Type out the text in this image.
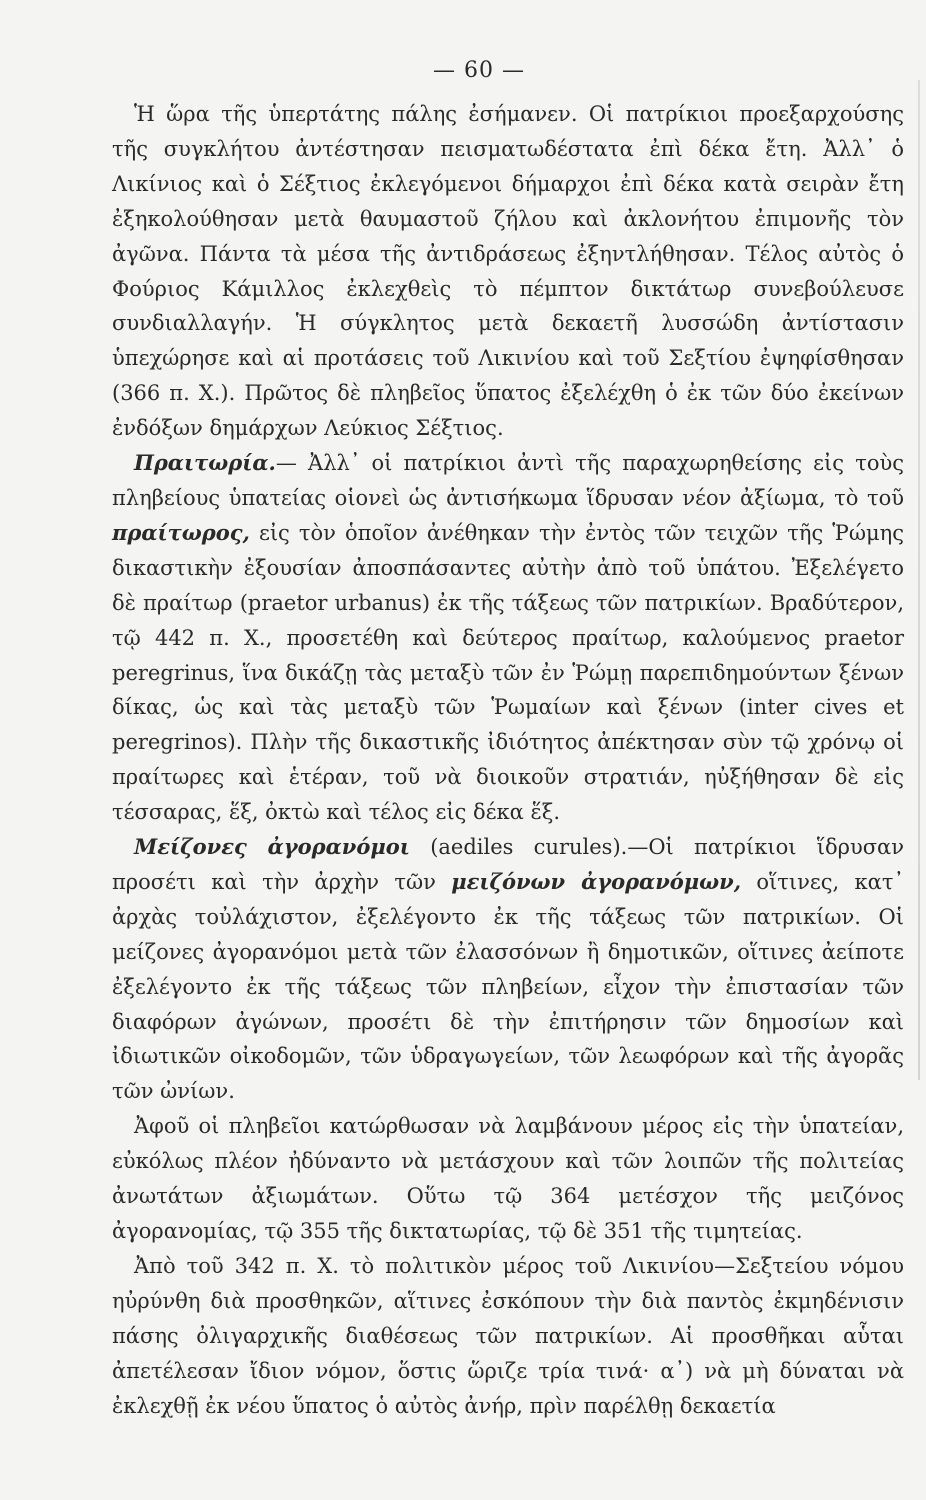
— 60 —

Ἡ ὥρα τῆς ὑπερτάτης πάλης ἐσήμανεν. Οἱ πατρίκιοι προεξαρχούσης τῆς συγκλήτου ἀντέστησαν πεισματωδέστατα ἐπὶ δέκα ἔτη. Ἀλλ᾽ ὁ Λικίνιος καὶ ὁ Σέξτιος ἐκλεγόμενοι δήμαρχοι ἐπὶ δέκα κατὰ σειρὰν ἔτη ἐξηκολούθησαν μετὰ θαυμαστοῦ ζήλου καὶ ἀκλονήτου ἐπιμονῆς τὸν ἀγῶνα. Πάντα τὰ μέσα τῆς ἀντιδράσεως ἐξηντλήθησαν. Τέλος αὐτὸς ὁ Φούριος Κάμιλλος ἐκλεχθεὶς τὸ πέμπτον δικτάτωρ συνεβούλευσε συνδιαλλαγήν. Ἡ σύγκλητος μετὰ δεκαετῆ λυσσώδη ἀντίστασιν ὑπεχώρησε καὶ αἱ προτάσεις τοῦ Λικινίου καὶ τοῦ Σεξτίου ἐψηφίσθησαν (366 π. Χ.). Πρῶτος δὲ πληβεῖος ὕπατος ἐξελέχθη ὁ ἐκ τῶν δύο ἐκείνων ἐνδόξων δημάρχων Λεύκιος Σέξτιος.

Πραιτωρία.— Ἀλλ᾽ οἱ πατρίκιοι ἀντὶ τῆς παραχωρηθείσης εἰς τοὺς πληβείους ὑπατείας οἱονεὶ ὡς ἀντισήκωμα ἵδρυσαν νέον ἀξίωμα, τὸ τοῦ πραίτωρος, εἰς τὸν ὁποῖον ἀνέθηκαν τὴν ἐντὸς τῶν τειχῶν τῆς Ῥώμης δικαστικὴν ἐξουσίαν ἀποσπάσαντες αὐτὴν ἀπὸ τοῦ ὑπάτου. Ἐξελέγετο δὲ πραίτωρ (praetor urbanus) ἐκ τῆς τάξεως τῶν πατρικίων. Βραδύτερον, τῷ 442 π. Χ., προσετέθη καὶ δεύτερος πραίτωρ, καλούμενος praetor peregrinus, ἵνα δικάζῃ τὰς μεταξὺ τῶν ἐν Ῥώμῃ παρεπιδημούντων ξένων δίκας, ὡς καὶ τὰς μεταξὺ τῶν Ῥωμαίων καὶ ξένων (inter cives et peregrinos). Πλὴν τῆς δικαστικῆς ἰδιότητος ἀπέκτησαν σὺν τῷ χρόνῳ οἱ πραίτωρες καὶ ἑτέραν, τοῦ νὰ διοικοῦν στρατιάν, ηὐξήθησαν δὲ εἰς τέσσαρας, ἕξ, ὀκτὼ καὶ τέλος εἰς δέκα ἕξ.

Μείζονες ἀγορανόμοι (aediles curules).—Οἱ πατρίκιοι ἵδρυσαν προσέτι καὶ τὴν ἀρχὴν τῶν μειζόνων ἀγορανόμων, οἵτινες, κατ᾽ ἀρχὰς τοὐλάχιστον, ἐξελέγοντο ἐκ τῆς τάξεως τῶν πατρικίων. Οἱ μείζονες ἀγορανόμοι μετὰ τῶν ἐλασσόνων ἢ δημοτικῶν, οἵτινες ἀείποτε ἐξελέγοντο ἐκ τῆς τάξεως τῶν πληβείων, εἶχον τὴν ἐπιστασίαν τῶν διαφόρων ἀγώνων, προσέτι δὲ τὴν ἐπιτήρησιν τῶν δημοσίων καὶ ἰδιωτικῶν οἰκοδομῶν, τῶν ὑδραγωγείων, τῶν λεωφόρων καὶ τῆς ἀγορᾶς τῶν ὠνίων.

Ἀφοῦ οἱ πληβεῖοι κατώρθωσαν νὰ λαμβάνουν μέρος εἰς τὴν ὑπατείαν, εὐκόλως πλέον ἠδύναντο νὰ μετάσχουν καὶ τῶν λοιπῶν τῆς πολιτείας ἀνωτάτων ἀξιωμάτων. Οὕτω τῷ 364 μετέσχον τῆς μειζόνος ἀγορανομίας, τῷ 355 τῆς δικτατωρίας, τῷ δὲ 351 τῆς τιμητείας.

Ἀπὸ τοῦ 342 π. Χ. τὸ πολιτικὸν μέρος τοῦ Λικινίου—Σεξτείου νόμου ηὐρύνθη διὰ προσθηκῶν, αἵτινες ἐσκόπουν τὴν διὰ παντὸς ἐκμηδένισιν πάσης ὀλιγαρχικῆς διαθέσεως τῶν πατρικίων. Αἱ προσθῆκαι αὗται ἀπετέλεσαν ἴδιον νόμον, ὅστις ὥριζε τρία τινά· α᾽) νὰ μὴ δύναται νὰ ἐκλεχθῇ ἐκ νέου ὕπατος ὁ αὐτὸς ἀνήρ, πρὶν παρέλθῃ δεκαετία
